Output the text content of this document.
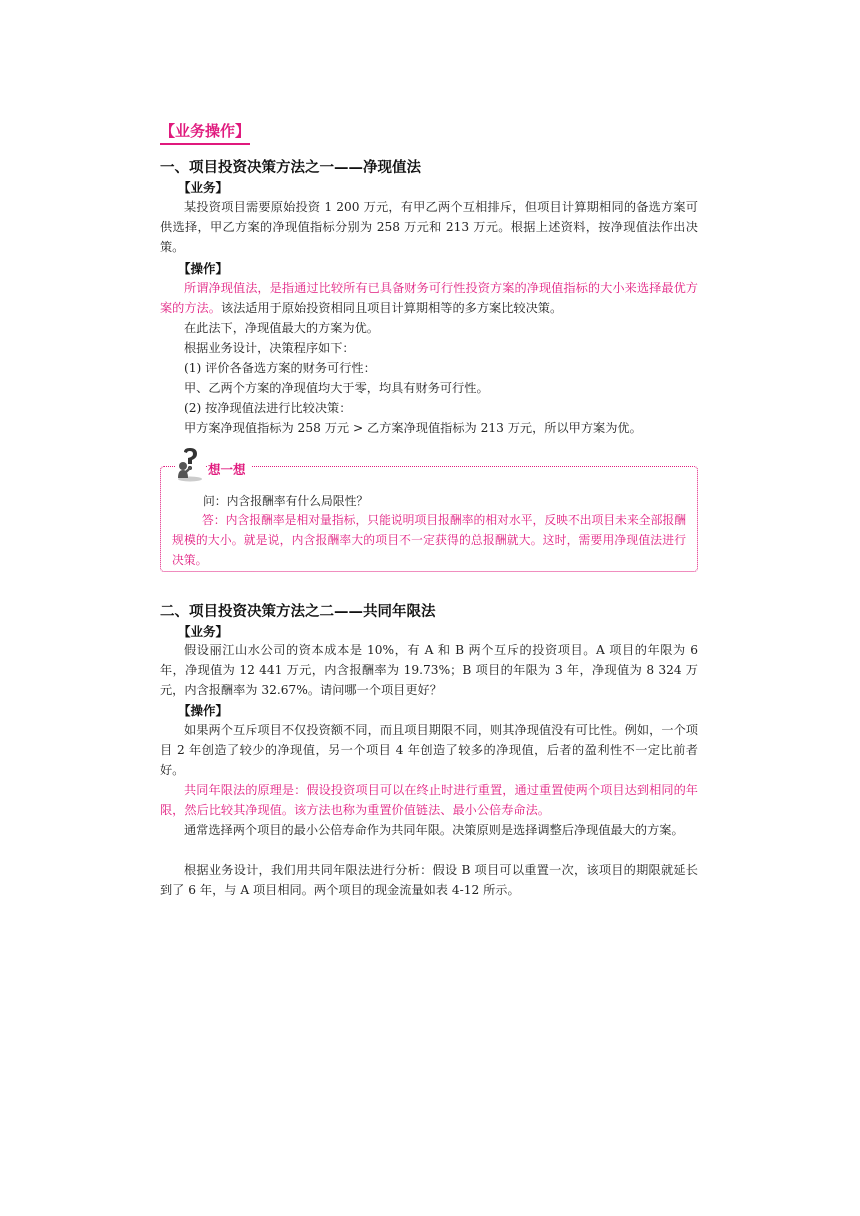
【业务操作】
一、项目投资决策方法之一——净现值法
【业务】

某投资项目需要原始投资 1 200 万元，有甲乙两个互相排斥，但项目计算期相同的备选方案可供选择，甲乙方案的净现值指标分别为 258 万元和 213 万元。根据上述资料，按净现值法作出决策。

【操作】

所谓净现值法，是指通过比较所有已具备财务可行性投资方案的净现值指标的大小来选择最优方案的方法。该法适用于原始投资相同且项目计算期相等的多方案比较决策。

在此法下，净现值最大的方案为优。
根据业务设计，决策程序如下：
(1) 评价各备选方案的财务可行性：
甲、乙两个方案的净现值均大于零，均具有财务可行性。
(2) 按净现值法进行比较决策：
甲方案净现值指标为 258 万元 > 乙方案净现值指标为 213 万元，所以甲方案为优。
想一想
问：内含报酬率有什么局限性？

答：内含报酬率是相对量指标，只能说明项目报酬率的相对水平，反映不出项目未来全部报酬规模的大小。就是说，内含报酬率大的项目不一定获得的总报酬就大。这时，需要用净现值法进行决策。

二、项目投资决策方法之二——共同年限法
【业务】

假设丽江山水公司的资本成本是 10%，有 A 和 B 两个互斥的投资项目。A 项目的年限为 6 年，净现值为 12 441 万元，内含报酬率为 19.73%；B 项目的年限为 3 年，净现值为 8 324 万元，内含报酬率为 32.67%。请问哪一个项目更好？

【操作】

如果两个互斥项目不仅投资额不同，而且项目期限不同，则其净现值没有可比性。例如，一个项目 2 年创造了较少的净现值，另一个项目 4 年创造了较多的净现值，后者的盈利性不一定比前者好。

共同年限法的原理是：假设投资项目可以在终止时进行重置，通过重置使两个项目达到相同的年限，然后比较其净现值。该方法也称为重置价值链法、最小公倍寿命法。

通常选择两个项目的最小公倍寿命作为共同年限。决策原则是选择调整后净现值最大的方案。

根据业务设计，我们用共同年限法进行分析：假设 B 项目可以重置一次，该项目的期限就延长到了 6 年，与 A 项目相同。两个项目的现金流量如表 4-12 所示。
